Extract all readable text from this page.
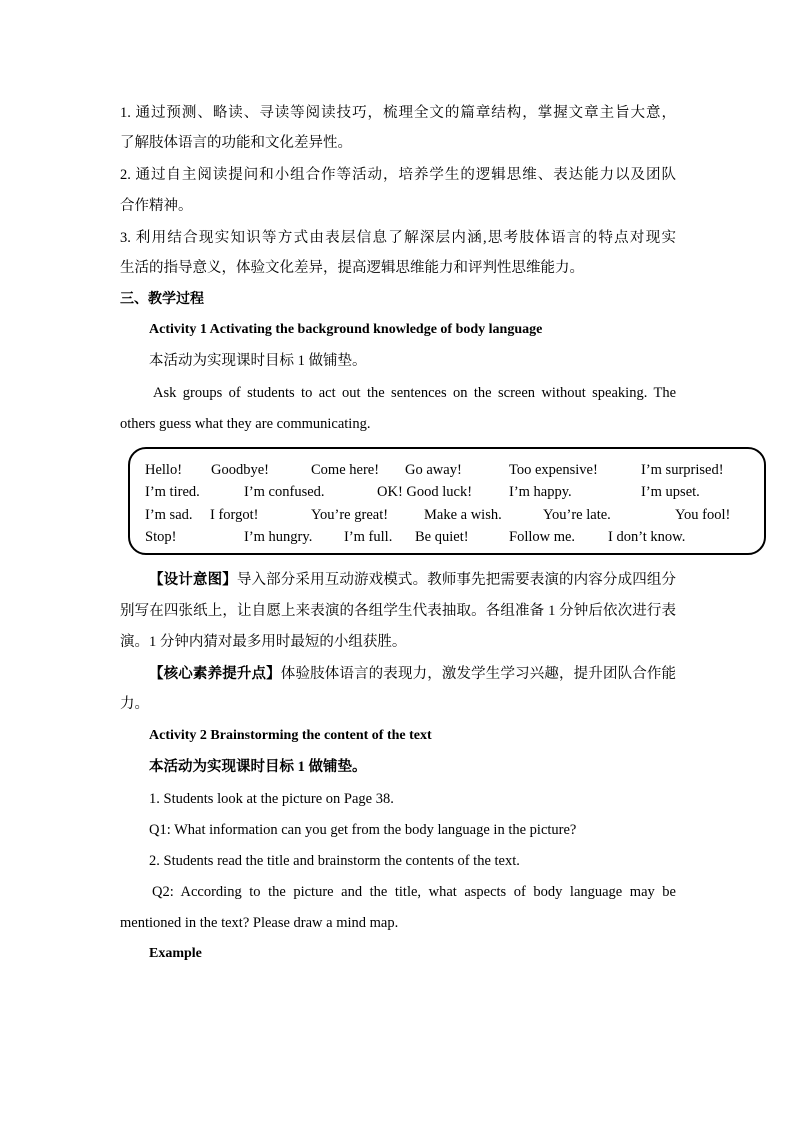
1. 通过预测、略读、寻读等阅读技巧，梳理全文的篇章结构，掌握文章主旨大意，
了解肢体语言的功能和文化差异性。
2. 通过自主阅读提问和小组合作等活动，培养学生的逻辑思维、表达能力以及团队
合作精神。
3. 利用结合现实知识等方式由表层信息了解深层内涵,思考肢体语言的特点对现实
生活的指导意义，体验文化差异，提高逻辑思维能力和评判性思维能力。
三、教学过程
Activity 1 Activating the background knowledge of body language
本活动为实现课时目标 1 做铺垫。
Ask groups of students to act out the sentences on the screen without speaking. The
others guess what they are communicating.
Hello! Goodbye!	Come here! Go away!	Too expensive!	I’m surprised!
I’m tired.	I’m confused.	OK! Good luck!	I’m happy.	I’m upset.
I’m sad. I forgot!	You’re great! Make a wish.	You’re late.	You fool!
Stop!	I’m hungry. I’m full. Be quiet!	Follow me. I don’t know.
【设计意图】导入部分采用互动游戏模式。教师事先把需要表演的内容分成四组分
别写在四张纸上，让自愿上来表演的各组学生代表抽取。各组准备 1 分钟后依次进行表
演。1 分钟内猜对最多用时最短的小组获胜。
【核心素养提升点】体验肢体语言的表现力，激发学生学习兴趣，提升团队合作能
力。
Activity 2 Brainstorming the content of the text
本活动为实现课时目标 1 做铺垫。
1. Students look at the picture on Page 38.
Q1: What information can you get from the body language in the picture?
2. Students read the title and brainstorm the contents of the text.
Q2: According to the picture and the title, what aspects of body language may be
mentioned in the text? Please draw a mind map.
Example
